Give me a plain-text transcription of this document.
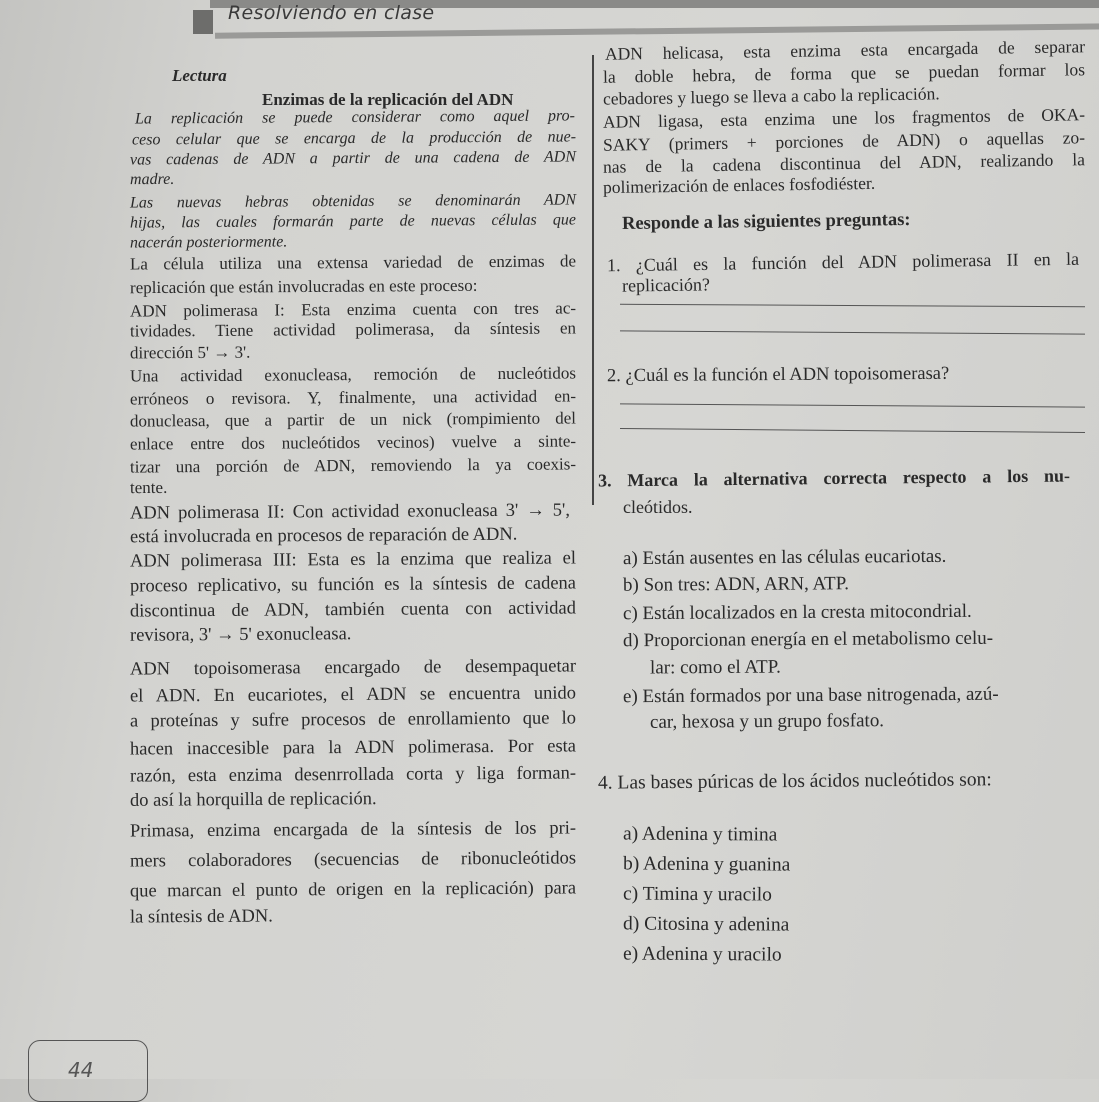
Resolviendo en clase
Lectura
Enzimas de la replicación del ADN
La replicación se puede considerar como aquel pro-
ceso celular que se encarga de la producción de nue-
vas cadenas de ADN a partir de una cadena de ADN
madre.
Las nuevas hebras obtenidas se denominarán ADN
hijas, las cuales formarán parte de nuevas células que
nacerán posteriormente.
La célula utiliza una extensa variedad de enzimas de
replicación que están involucradas en este proceso:
ADN polimerasa I: Esta enzima cuenta con tres ac-
tividades. Tiene actividad polimerasa, da síntesis en
dirección 5' → 3'.
Una actividad exonucleasa, remoción de nucleótidos
erróneos o revisora. Y, finalmente, una actividad en-
donucleasa, que a partir de un nick (rompimiento del
enlace entre dos nucleótidos vecinos) vuelve a sinte-
tizar una porción de ADN, removiendo la ya coexis-
tente.
ADN polimerasa II: Con actividad exonucleasa 3' → 5',
está involucrada en procesos de reparación de ADN.
ADN polimerasa III: Esta es la enzima que realiza el
proceso replicativo, su función es la síntesis de cadena
discontinua de ADN, también cuenta con actividad
revisora, 3' → 5' exonucleasa.
ADN topoisomerasa encargado de desempaquetar
el ADN. En eucariotes, el ADN se encuentra unido
a proteínas y sufre procesos de enrollamiento que lo
hacen inaccesible para la ADN polimerasa. Por esta
razón, esta enzima desenrrollada corta y liga forman-
do así la horquilla de replicación.
Primasa, enzima encargada de la síntesis de los pri-
mers colaboradores (secuencias de ribonucleótidos
que marcan el punto de origen en la replicación) para
la síntesis de ADN.
ADN helicasa, esta enzima esta encargada de separar
la doble hebra, de forma que se puedan formar los
cebadores y luego se lleva a cabo la replicación.
ADN ligasa, esta enzima une los fragmentos de OKA-
SAKY (primers + porciones de ADN) o aquellas zo-
nas de la cadena discontinua del ADN, realizando la
polimerización de enlaces fosfodiéster.
Responde a las siguientes preguntas:
1. ¿Cuál es la función del ADN polimerasa II en la
replicación?
2. ¿Cuál es la función el ADN topoisomerasa?
3. Marca la alternativa correcta respecto a los nu-
cleótidos.
a) Están ausentes en las células eucariotas.
b) Son tres: ADN, ARN, ATP.
c) Están localizados en la cresta mitocondrial.
d) Proporcionan energía en el metabolismo celu-
lar: como el ATP.
e) Están formados por una base nitrogenada, azú-
car, hexosa y un grupo fosfato.
4. Las bases púricas de los ácidos nucleótidos son:
a) Adenina y timina
b) Adenina y guanina
c) Timina y uracilo
d) Citosina y adenina
e) Adenina y uracilo
44
